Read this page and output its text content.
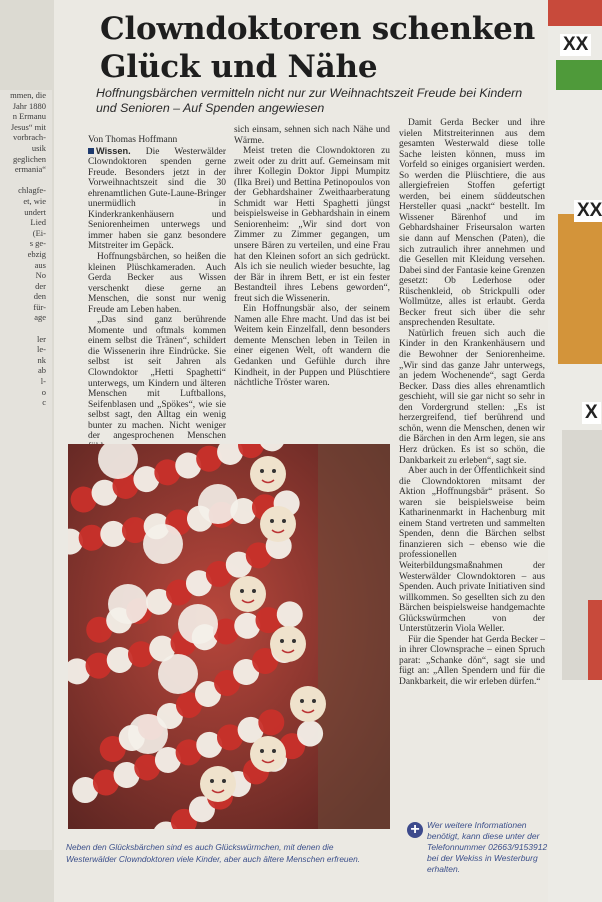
mmen, die
Jahr 1880
n Ermanu
Jesus“ mit
vorbrach-
usik
geglichen
ermania“

chlagfe-
et, wie
undert
Lied
(Ei-
s ge-
ebzig
aus
No
der
den
für-
age

ler
le-
nk
ab
l-
o
c

XX
XX
X
Clowndoktoren schenken Glück und Nähe

Hoffnungsbärchen vermitteln nicht nur zur Weihnachtszeit Freude bei Kindern und Senioren – Auf Spenden angewiesen

Von Thomas Hoffmann

Wissen. Die Westerwälder Clowndoktoren spenden gerne Freude. Besonders jetzt in der Vorweihnachtszeit sind die 30 ehrenamtlichen Gute-Laune-Bringer unermüdlich in Kinderkrankenhäusern und Seniorenheimen unterwegs und immer haben sie ganz besondere Mitstreiter im Gepäck.

Hoffnungsbärchen, so heißen die kleinen Plüschkameraden. Auch Gerda Becker aus Wissen verschenkt diese gerne an Menschen, die sonst nur wenig Freude am Leben haben.

„Das sind ganz berührende Momente und oftmals kommen einem selbst die Tränen“, schildert die Wissenerin ihre Eindrücke. Sie selbst ist seit Jahren als Clowndoktor „Hetti Spaghetti“ unterwegs, um Kindern und älteren Menschen mit Luftballons, Seifenblasen und „Spökes“, wie sie selbst sagt, den Alltag ein wenig bunter zu machen. Nicht weniger der angesprochenen Menschen

sich einsam, sehnen sich nach Nähe und Wärme.

Meist treten die Clowndoktoren zu zweit oder zu dritt auf. Gemeinsam mit ihrer Kollegin Doktor Jippi Mumpitz (Ilka Brei) und Bettina Petinopoulos von der Gebhardshainer Zweithaarberatung Schmidt war Hetti Spaghetti jüngst beispielsweise in Gebhardshain in einem Seniorenheim: „Wir sind dort von Zimmer zu Zimmer gegangen, um unsere Bären zu verteilen, und eine Frau hat den Kleinen sofort an sich gedrückt. Als ich sie neulich wieder besuchte, lag der Bär in ihrem Bett, er ist ein fester Bestandteil ihres Lebens geworden“, freut sich die Wissenerin.

Ein Hoffnungsbär also, der seinem Namen alle Ehre macht. Und das ist bei Weitem kein Einzelfall, denn besonders demente Menschen leben in Teilen in einer eigenen Welt, oft wandern die Gedanken und Gefühle durch ihre Kindheit, in der Puppen und Plüschtiere nächtliche Tröster waren.

Damit Gerda Becker und ihre vielen Mitstreiterinnen aus dem gesamten Westerwald diese tolle Sache leisten können, muss im Vorfeld so einiges organisiert werden. So werden die Plüschtiere, die aus allergiefreien Stoffen gefertigt werden, bei einem süddeutschen Hersteller quasi „nackt“ bestellt. Im Wissener Bärenhof und im Gebhardshainer Friseursalon warten sie dann auf Menschen (Paten), die sich zutraulich ihrer annehmen und die Gesellen mit Kleidung versehen. Dabei sind der Fantasie keine Grenzen gesetzt: Ob Lederhose oder Rüschenkleid, ob Strickpulli oder Wollmütze, alles ist erlaubt. Gerda Becker freut sich über die sehr ansprechenden Resultate.

Natürlich freuen sich auch die Kinder in den Krankenhäusern und die Bewohner der Seniorenheime. „Wir sind das ganze Jahr unterwegs, an jedem Wochenende“, sagt Gerda Becker. Dass dies alles ehrenamtlich geschieht, will sie gar nicht so sehr in den Vordergrund stellen: „Es ist herzergreifend, tief berührend und schön, wenn die Menschen, denen wir die Bärchen in den Arm legen, sie ans Herz drücken. Es ist so schön, die Dankbarkeit zu erleben“, sagt sie.

Aber auch in der Öffentlichkeit sind die Clowndoktoren mitsamt der Aktion „Hoffnungsbär“ präsent. So waren sie beispielsweise beim Katharinenmarkt in Hachenburg mit einem Stand vertreten und sammelten Spenden, denn die Bärchen selbst finanzieren sich – ebenso wie die professionellen Weiterbildungsmaßnahmen der Westerwälder Clowndoktoren – aus Spenden. Auch private Initiativen sind willkommen. So gesellten sich zu den Bärchen beispielsweise handgemachte Glückswürmchen von der Unterstützerin Viola Weller.

Für die Spender hat Gerda Becker – in ihrer Clownsprache – einen Spruch parat: „Schanke dön“, sagt sie und fügt an: „Allen Spendern und für die Dankbarkeit, die wir erleben dürfen.“

Neben den Glücksbärchen sind es auch Glückswürmchen, mit denen die Westerwälder Clowndoktoren viele Kinder, aber auch ältere Menschen erfreuen.

+ Wer weitere Informationen benötigt, kann diese unter der Telefonnummer 02663/9153912 bei der Wekiss in Westerburg erhalten.
